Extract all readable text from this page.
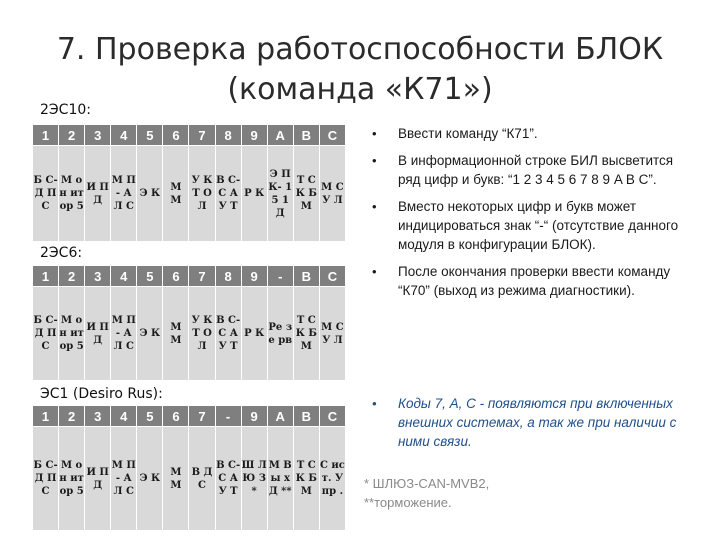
7. Проверка работоспособности БЛОК
(команда «К71»)
2ЭС10:
1	2	3	4	5	6	7	8	9	А	В	С
Б С- Д П С	М он ит ор 5	И П Д	М П- А Л С	Э К	М М	У К Т О Л	В С- С А У Т	Р К	Э П К- 15 1 Д	Т С К Б М	М С У Л
2ЭС6:
1	2	3	4	5	6	7	8	9	-	В	С
Б С- Д П С	М он ит ор 5	И П Д	М П- А Л С	Э К	М М	У К Т О Л	В С- С А У Т	Р К	Ре зе рв	Т С К Б М	М С У Л
ЭС1 (Desiro Rus):
1	2	3	4	5	6	7	-	9	А	В	С
Б С- Д П С	М он ит ор 5	И П Д	М П- А Л С	Э К	М М	В Д С	В С- С А У Т	Ш Л Ю З*	М В ы х Д **	Т С К Б М	С ис т. У пр .
• Ввести команду “К71”.
• В информационной строке БИЛ высветится ряд цифр и букв: “1 2 3 4 5 6 7 8 9 A B C”.
• Вместо некоторых цифр и букв может индицироваться знак “-“ (отсутствие данного модуля в конфигурации БЛОК).
• После окончания проверки ввести команду “К70” (выход из режима диагностики).
• Коды 7, А, С - появляются при включенных внешних системах, а так же при наличии с ними связи.
* ШЛЮЗ-CAN-MVB2,
**торможение.
